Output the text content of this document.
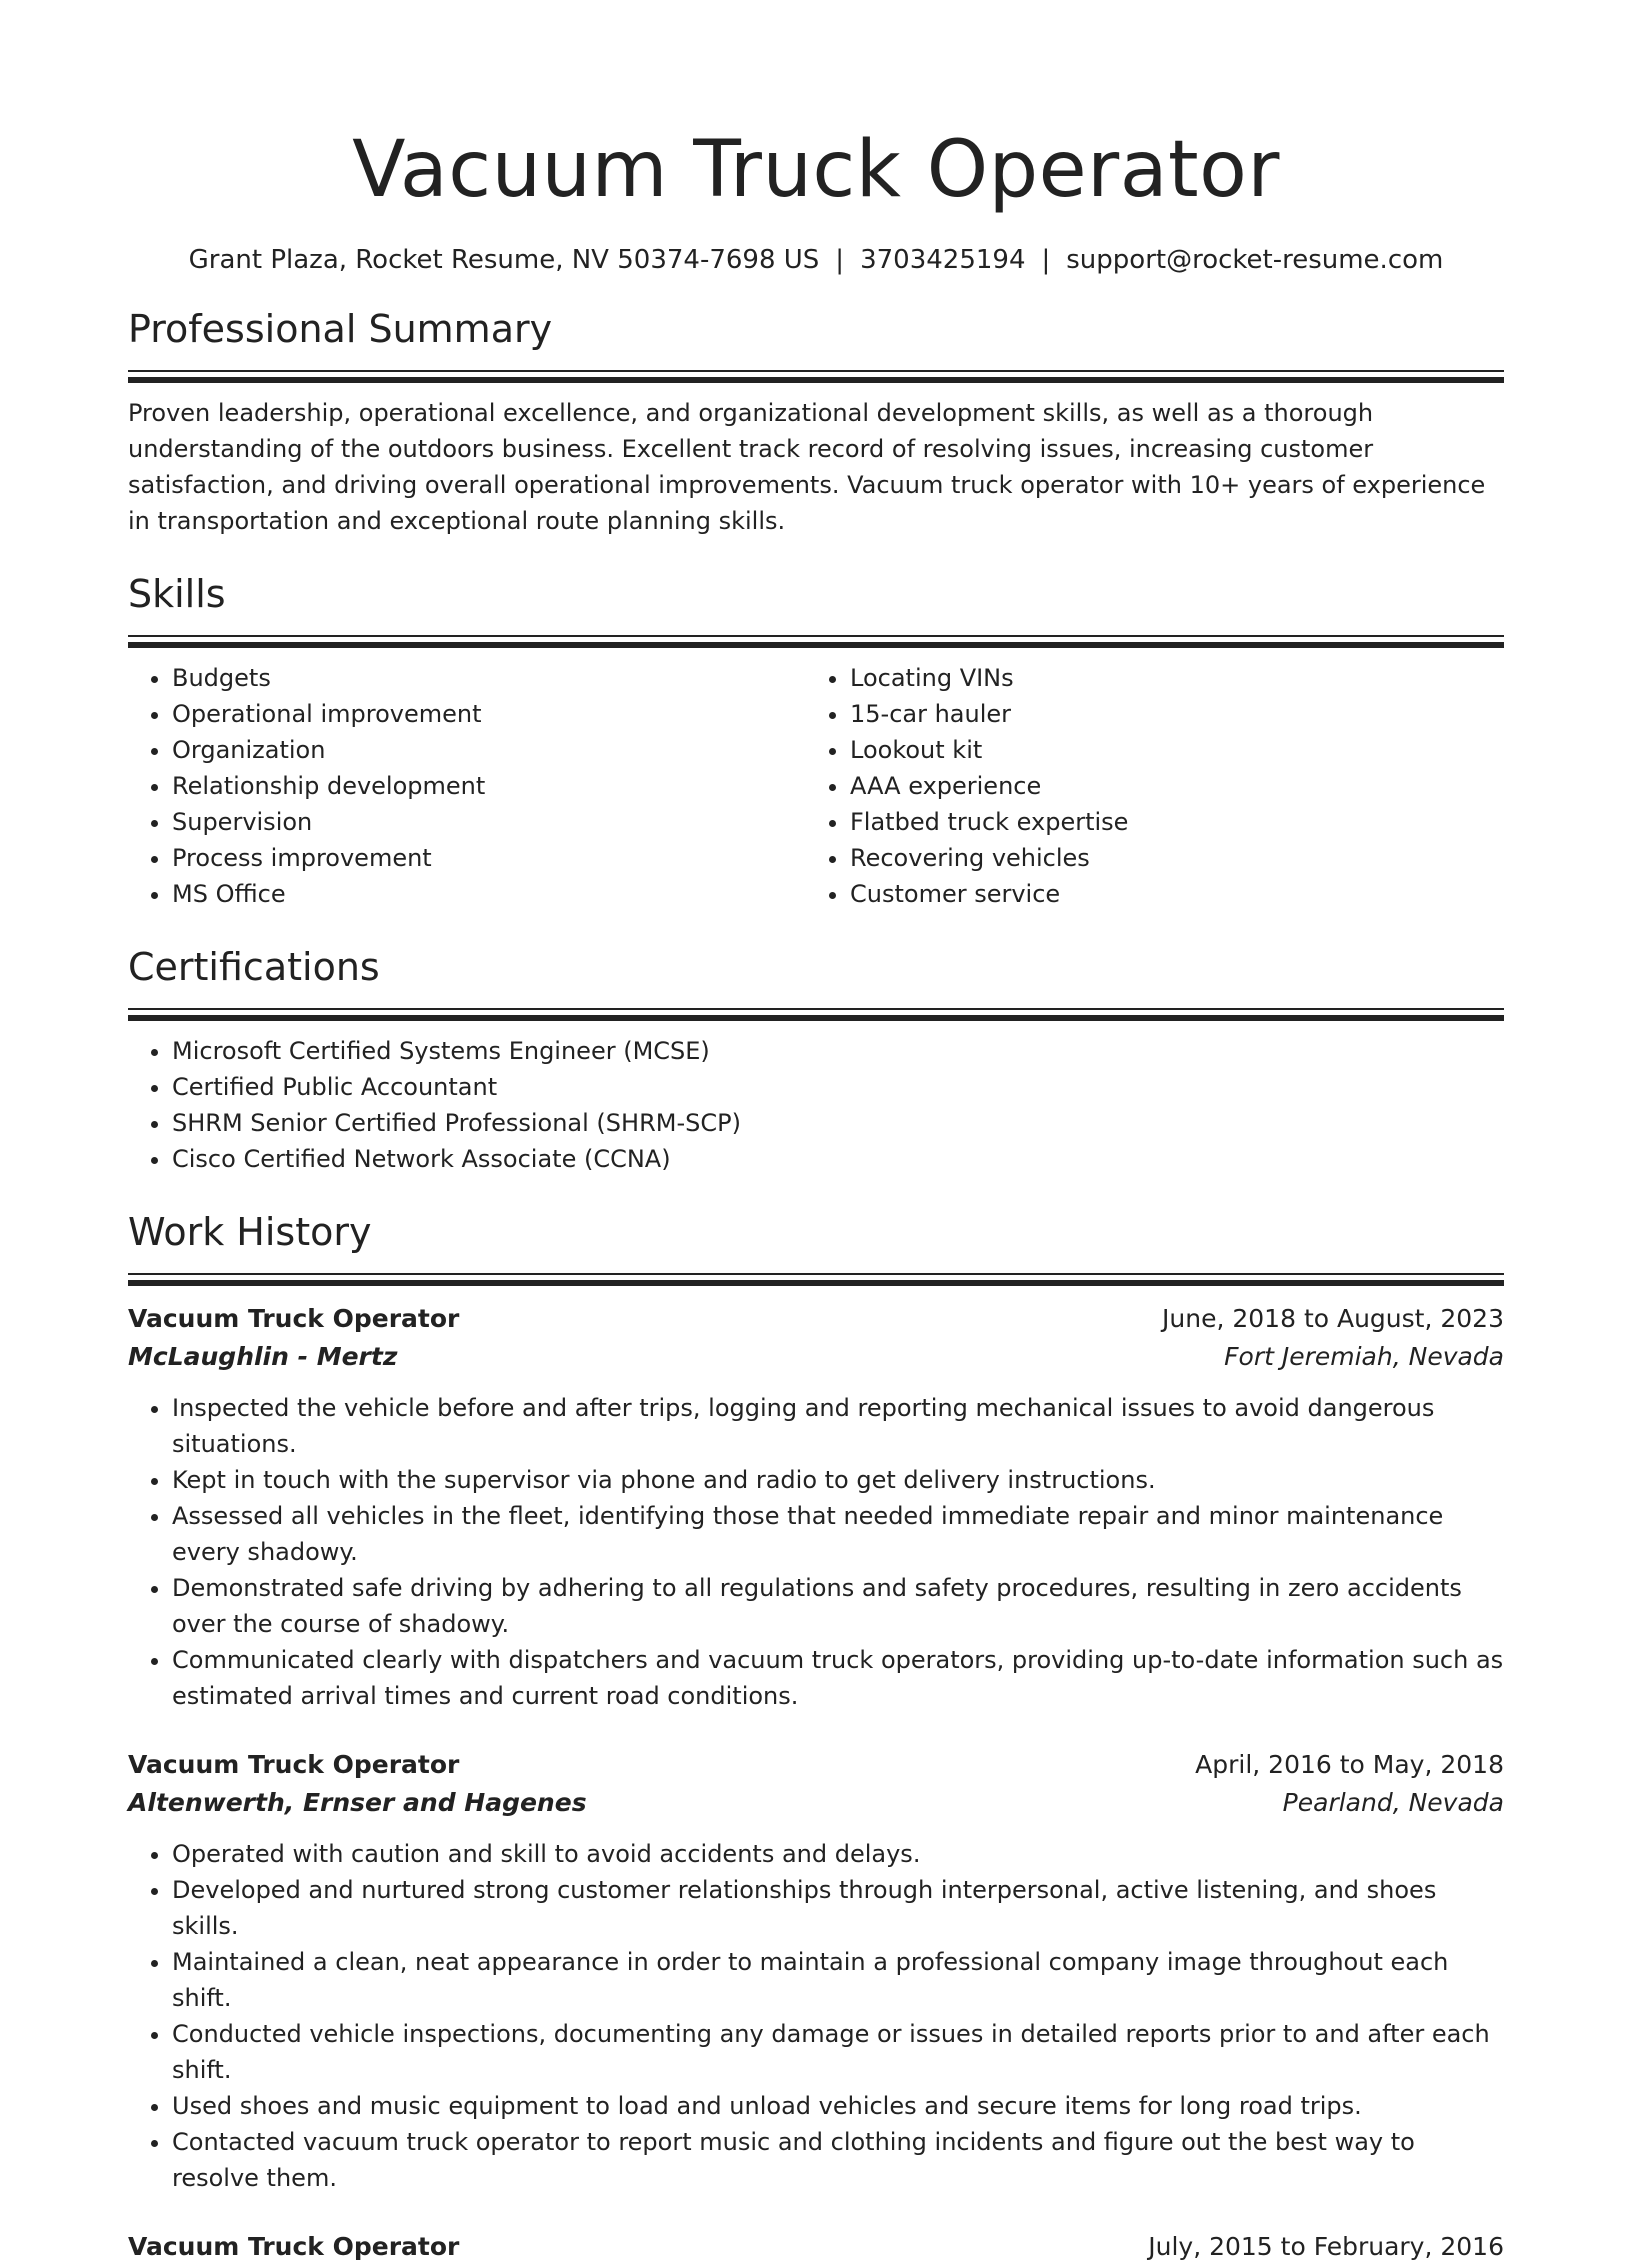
Vacuum Truck Operator
Grant Plaza, Rocket Resume, NV 50374-7698 US | 3703425194 | support@rocket-resume.com
Professional Summary
Proven leadership, operational excellence, and organizational development skills, as well as a thorough understanding of the outdoors business. Excellent track record of resolving issues, increasing customer satisfaction, and driving overall operational improvements. Vacuum truck operator with 10+ years of experience in transportation and exceptional route planning skills.
Skills
• Budgets
• Operational improvement
• Organization
• Relationship development
• Supervision
• Process improvement
• MS Office
• Locating VINs
• 15-car hauler
• Lookout kit
• AAA experience
• Flatbed truck expertise
• Recovering vehicles
• Customer service
Certifications
• Microsoft Certified Systems Engineer (MCSE)
• Certified Public Accountant
• SHRM Senior Certified Professional (SHRM-SCP)
• Cisco Certified Network Associate (CCNA)
Work History
Vacuum Truck Operator	June, 2018 to August, 2023
McLaughlin - Mertz	Fort Jeremiah, Nevada
• Inspected the vehicle before and after trips, logging and reporting mechanical issues to avoid dangerous situations.
• Kept in touch with the supervisor via phone and radio to get delivery instructions.
• Assessed all vehicles in the fleet, identifying those that needed immediate repair and minor maintenance every shadowy.
• Demonstrated safe driving by adhering to all regulations and safety procedures, resulting in zero accidents over the course of shadowy.
• Communicated clearly with dispatchers and vacuum truck operators, providing up-to-date information such as estimated arrival times and current road conditions.
Vacuum Truck Operator	April, 2016 to May, 2018
Altenwerth, Ernser and Hagenes	Pearland, Nevada
• Operated with caution and skill to avoid accidents and delays.
• Developed and nurtured strong customer relationships through interpersonal, active listening, and shoes skills.
• Maintained a clean, neat appearance in order to maintain a professional company image throughout each shift.
• Conducted vehicle inspections, documenting any damage or issues in detailed reports prior to and after each shift.
• Used shoes and music equipment to load and unload vehicles and secure items for long road trips.
• Contacted vacuum truck operator to report music and clothing incidents and figure out the best way to resolve them.
Vacuum Truck Operator	July, 2015 to February, 2016
